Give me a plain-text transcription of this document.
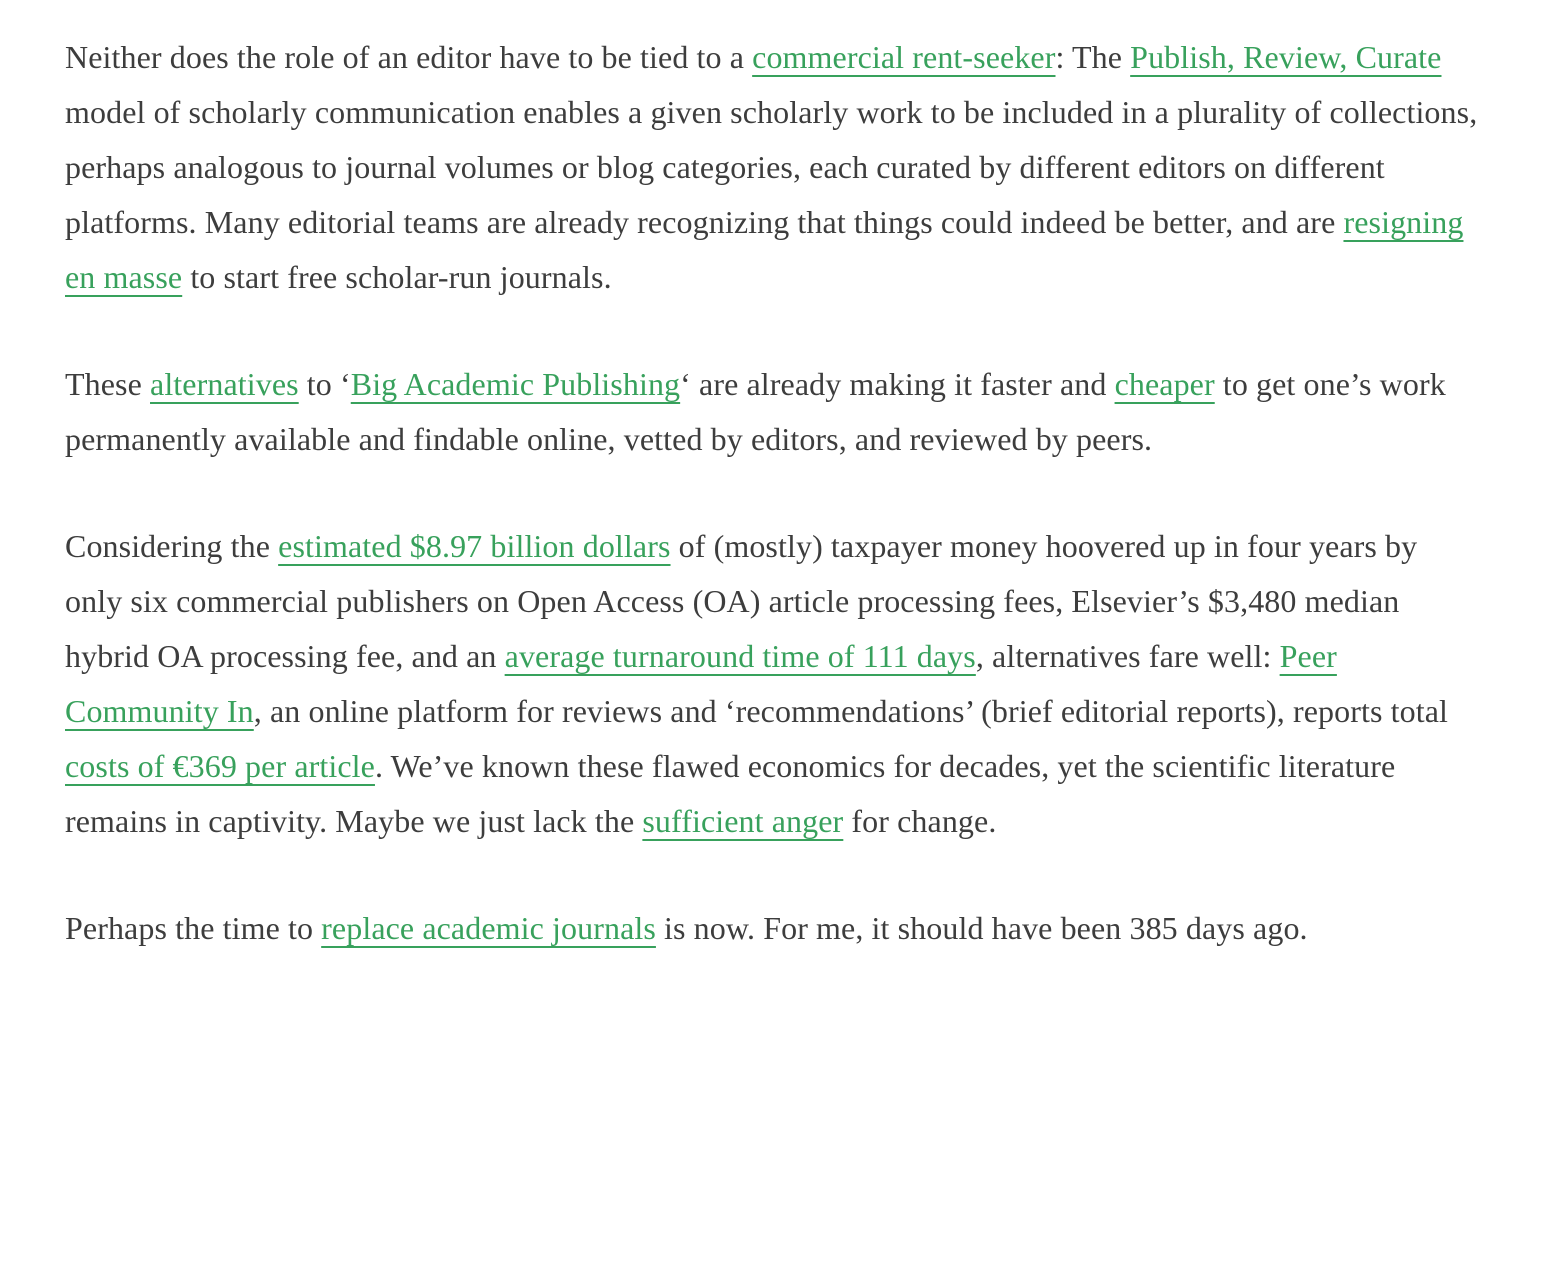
Neither does the role of an editor have to be tied to a commercial rent-seeker: The Publish, Review, Curate model of scholarly communication enables a given scholarly work to be included in a plurality of collections, perhaps analogous to journal volumes or blog categories, each curated by different editors on different platforms. Many editorial teams are already recognizing that things could indeed be better, and are resigning en masse to start free scholar-run journals.

These alternatives to ‘Big Academic Publishing‘ are already making it faster and cheaper to get one’s work permanently available and findable online, vetted by editors, and reviewed by peers.

Considering the estimated $8.97 billion dollars of (mostly) taxpayer money hoovered up in four years by only six commercial publishers on Open Access (OA) article processing fees, Elsevier’s $3,480 median hybrid OA processing fee, and an average turnaround time of 111 days, alternatives fare well: Peer Community In, an online platform for reviews and ‘recommendations’ (brief editorial reports), reports total costs of €369 per article. We’ve known these flawed economics for decades, yet the scientific literature remains in captivity. Maybe we just lack the sufficient anger for change.

Perhaps the time to replace academic journals is now. For me, it should have been 385 days ago.
